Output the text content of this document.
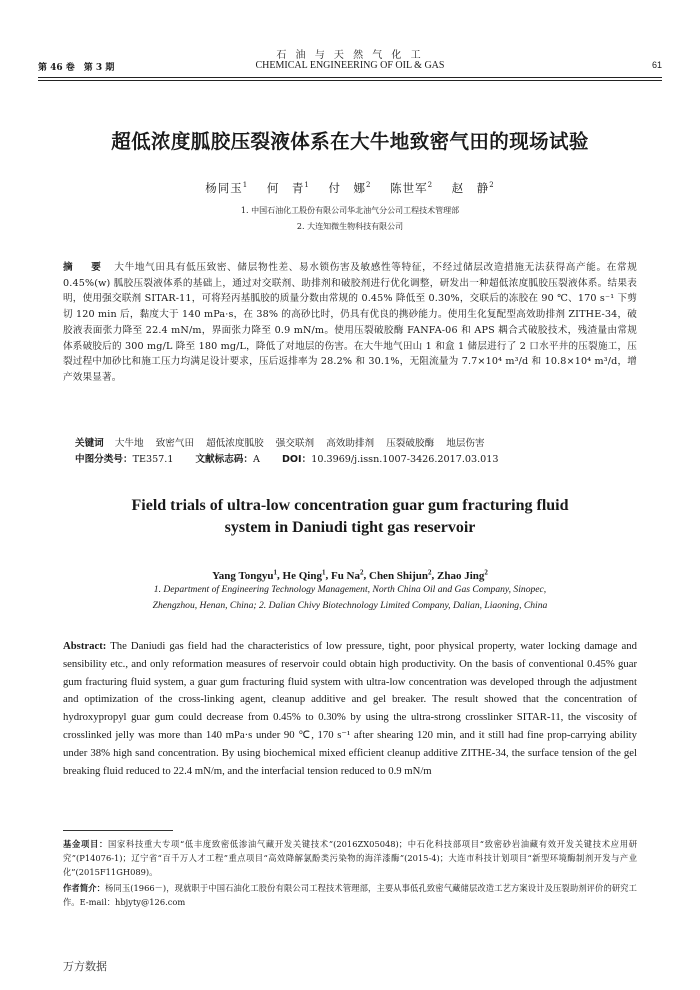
石 油 与 天 然 气 化 工
CHEMICAL ENGINEERING OF OIL & GAS
第 46 卷　第 3 期	61
超低浓度胍胶压裂液体系在大牛地致密气田的现场试验
杨同玉$^1$ 何　青$^1$ 付　娜$^2$ 陈世军$^2$ 赵　静$^2$
1. 中国石油化工股份有限公司华北油气分公司工程技术管理部
2. 大连知微生物科技有限公司
摘　要 大牛地气田具有低压致密、储层物性差、易水锁伤害及敏感性等特征，不经过储层改造措施无法获得高产能。在常规 0.45%(w) 胍胶压裂液体系的基础上，通过对交联剂、助排剂和破胶剂进行优化调整，研发出一种超低浓度胍胶压裂液体系。结果表明，使用强交联剂 SITAR-11，可将羟丙基胍胶的质量分数由常规的 0.45% 降低至 0.30%，交联后的冻胶在 90 ℃、170 s⁻¹ 下剪切 120 min 后，黏度大于 140 mPa·s，在 38% 的高砂比时，仍具有优良的携砂能力。使用生化复配型高效助排剂 ZITHE-34，破胶液表面张力降至 22.4 mN/m，界面张力降至 0.9 mN/m。使用压裂破胶酶 FANFA-06 和 APS 耦合式破胶技术，残渣量由常规体系破胶后的 300 mg/L 降至 180 mg/L，降低了对地层的伤害。在大牛地气田山 1 和盒 1 储层进行了 2 口水平井的压裂施工，压裂过程中加砂比和施工压力均满足设计要求，压后返排率为 28.2% 和 30.1%，无阻流量为 7.7×10⁴ m³/d 和 10.8×10⁴ m³/d，增产效果显著。
关键词 大牛地 致密气田 超低浓度胍胶 强交联剂 高效助排剂 压裂破胶酶 地层伤害
中图分类号：TE357.1 文献标志码：A DOI：10.3969/j.issn.1007-3426.2017.03.013
Field trials of ultra-low concentration guar gum fracturing fluid
system in Daniudi tight gas reservoir
Yang Tongyu$^1$, He Qing$^1$, Fu Na$^2$, Chen Shijun$^2$, Zhao Jing$^2$
1. Department of Engineering Technology Management, North China Oil and Gas Company, Sinopec,
Zhengzhou, Henan, China; 2. Dalian Chivy Biotechnology Limited Company, Dalian, Liaoning, China
Abstract: The Daniudi gas field had the characteristics of low pressure, tight, poor physical property, water locking damage and sensibility etc., and only reformation measures of reservoir could obtain high productivity. On the basis of conventional 0.45% guar gum fracturing fluid system, a guar gum fracturing fluid system with ultra-low concentration was developed through the adjustment and optimization of the cross-linking agent, cleanup additive and gel breaker. The result showed that the concentration of hydroxypropyl guar gum could decrease from 0.45% to 0.30% by using the ultra-strong crosslinker SITAR-11, the viscosity of crosslinked jelly was more than 140 mPa·s under 90 ℃, 170 s⁻¹ after shearing 120 min, and it still had fine prop-carrying ability under 38% high sand concentration. By using biochemical mixed efficient cleanup additive ZITHE-34, the surface tension of the gel breaking fluid reduced to 22.4 mN/m, and the interfacial tension reduced to 0.9 mN/m
基金项目：国家科技重大专项“低丰度致密低渗油气藏开发关键技术”(2016ZX05048)；中石化科技部项目“致密砂岩油藏有效开发关键技术应用研究”(P14076-1)；辽宁省“百千万人才工程”重点项目“高效降解氯酚类污染物的海洋漆酶”(2015-4)；大连市科技计划项目“新型环境酶制剂开发与产业化”(2015F11GH089)。
作者简介：杨同玉(1966－)，现就职于中国石油化工股份有限公司工程技术管理部，主要从事低孔致密气藏储层改造工艺方案设计及压裂助剂评价的研究工作。E-mail：hbjyty@126.com
万方数据
